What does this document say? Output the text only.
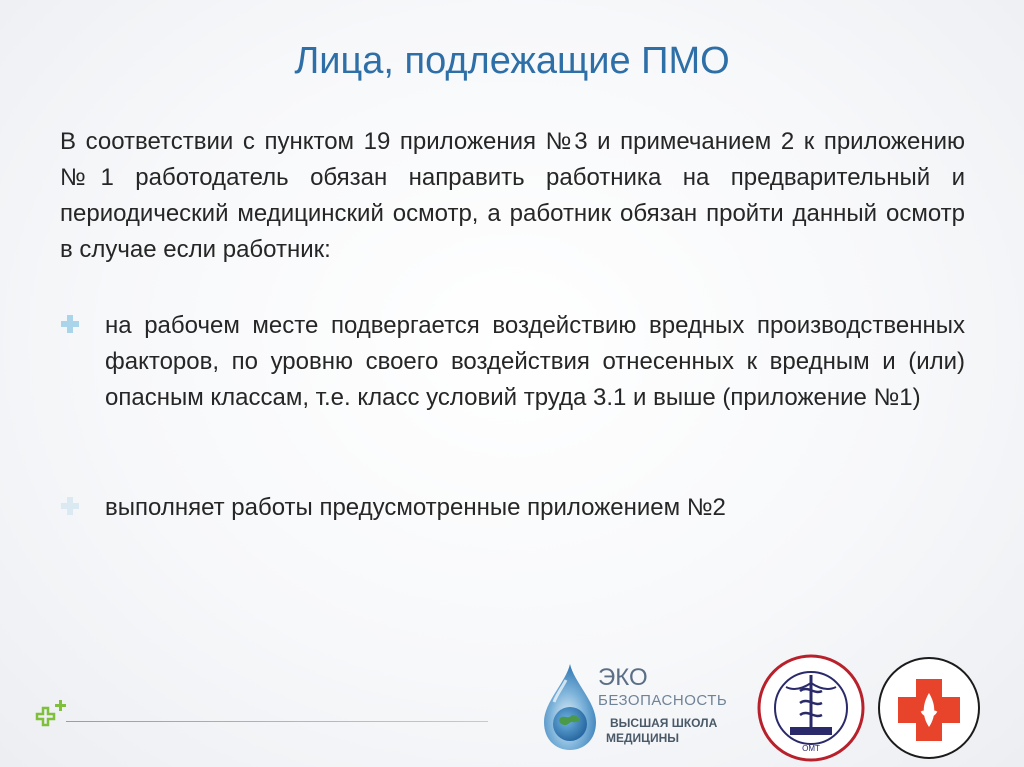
Лица, подлежащие ПМО
В соответствии с пунктом 19 приложения №3 и примечанием 2 к приложению №1 работодатель обязан направить работника на предварительный и периодический медицинский осмотр, а работник обязан пройти данный осмотр в случае если работник:
на рабочем месте подвергается воздействию вредных производственных факторов, по уровню своего воздействия отнесенных к вредным и (или) опасным классам, т.е. класс условий труда 3.1 и выше (приложение №1)
выполняет работы предусмотренные приложением №2
ЭКО
БЕЗОПАСНОСТЬ
ВЫСШАЯ ШКОЛА
МЕДИЦИНЫ
ОМТ
